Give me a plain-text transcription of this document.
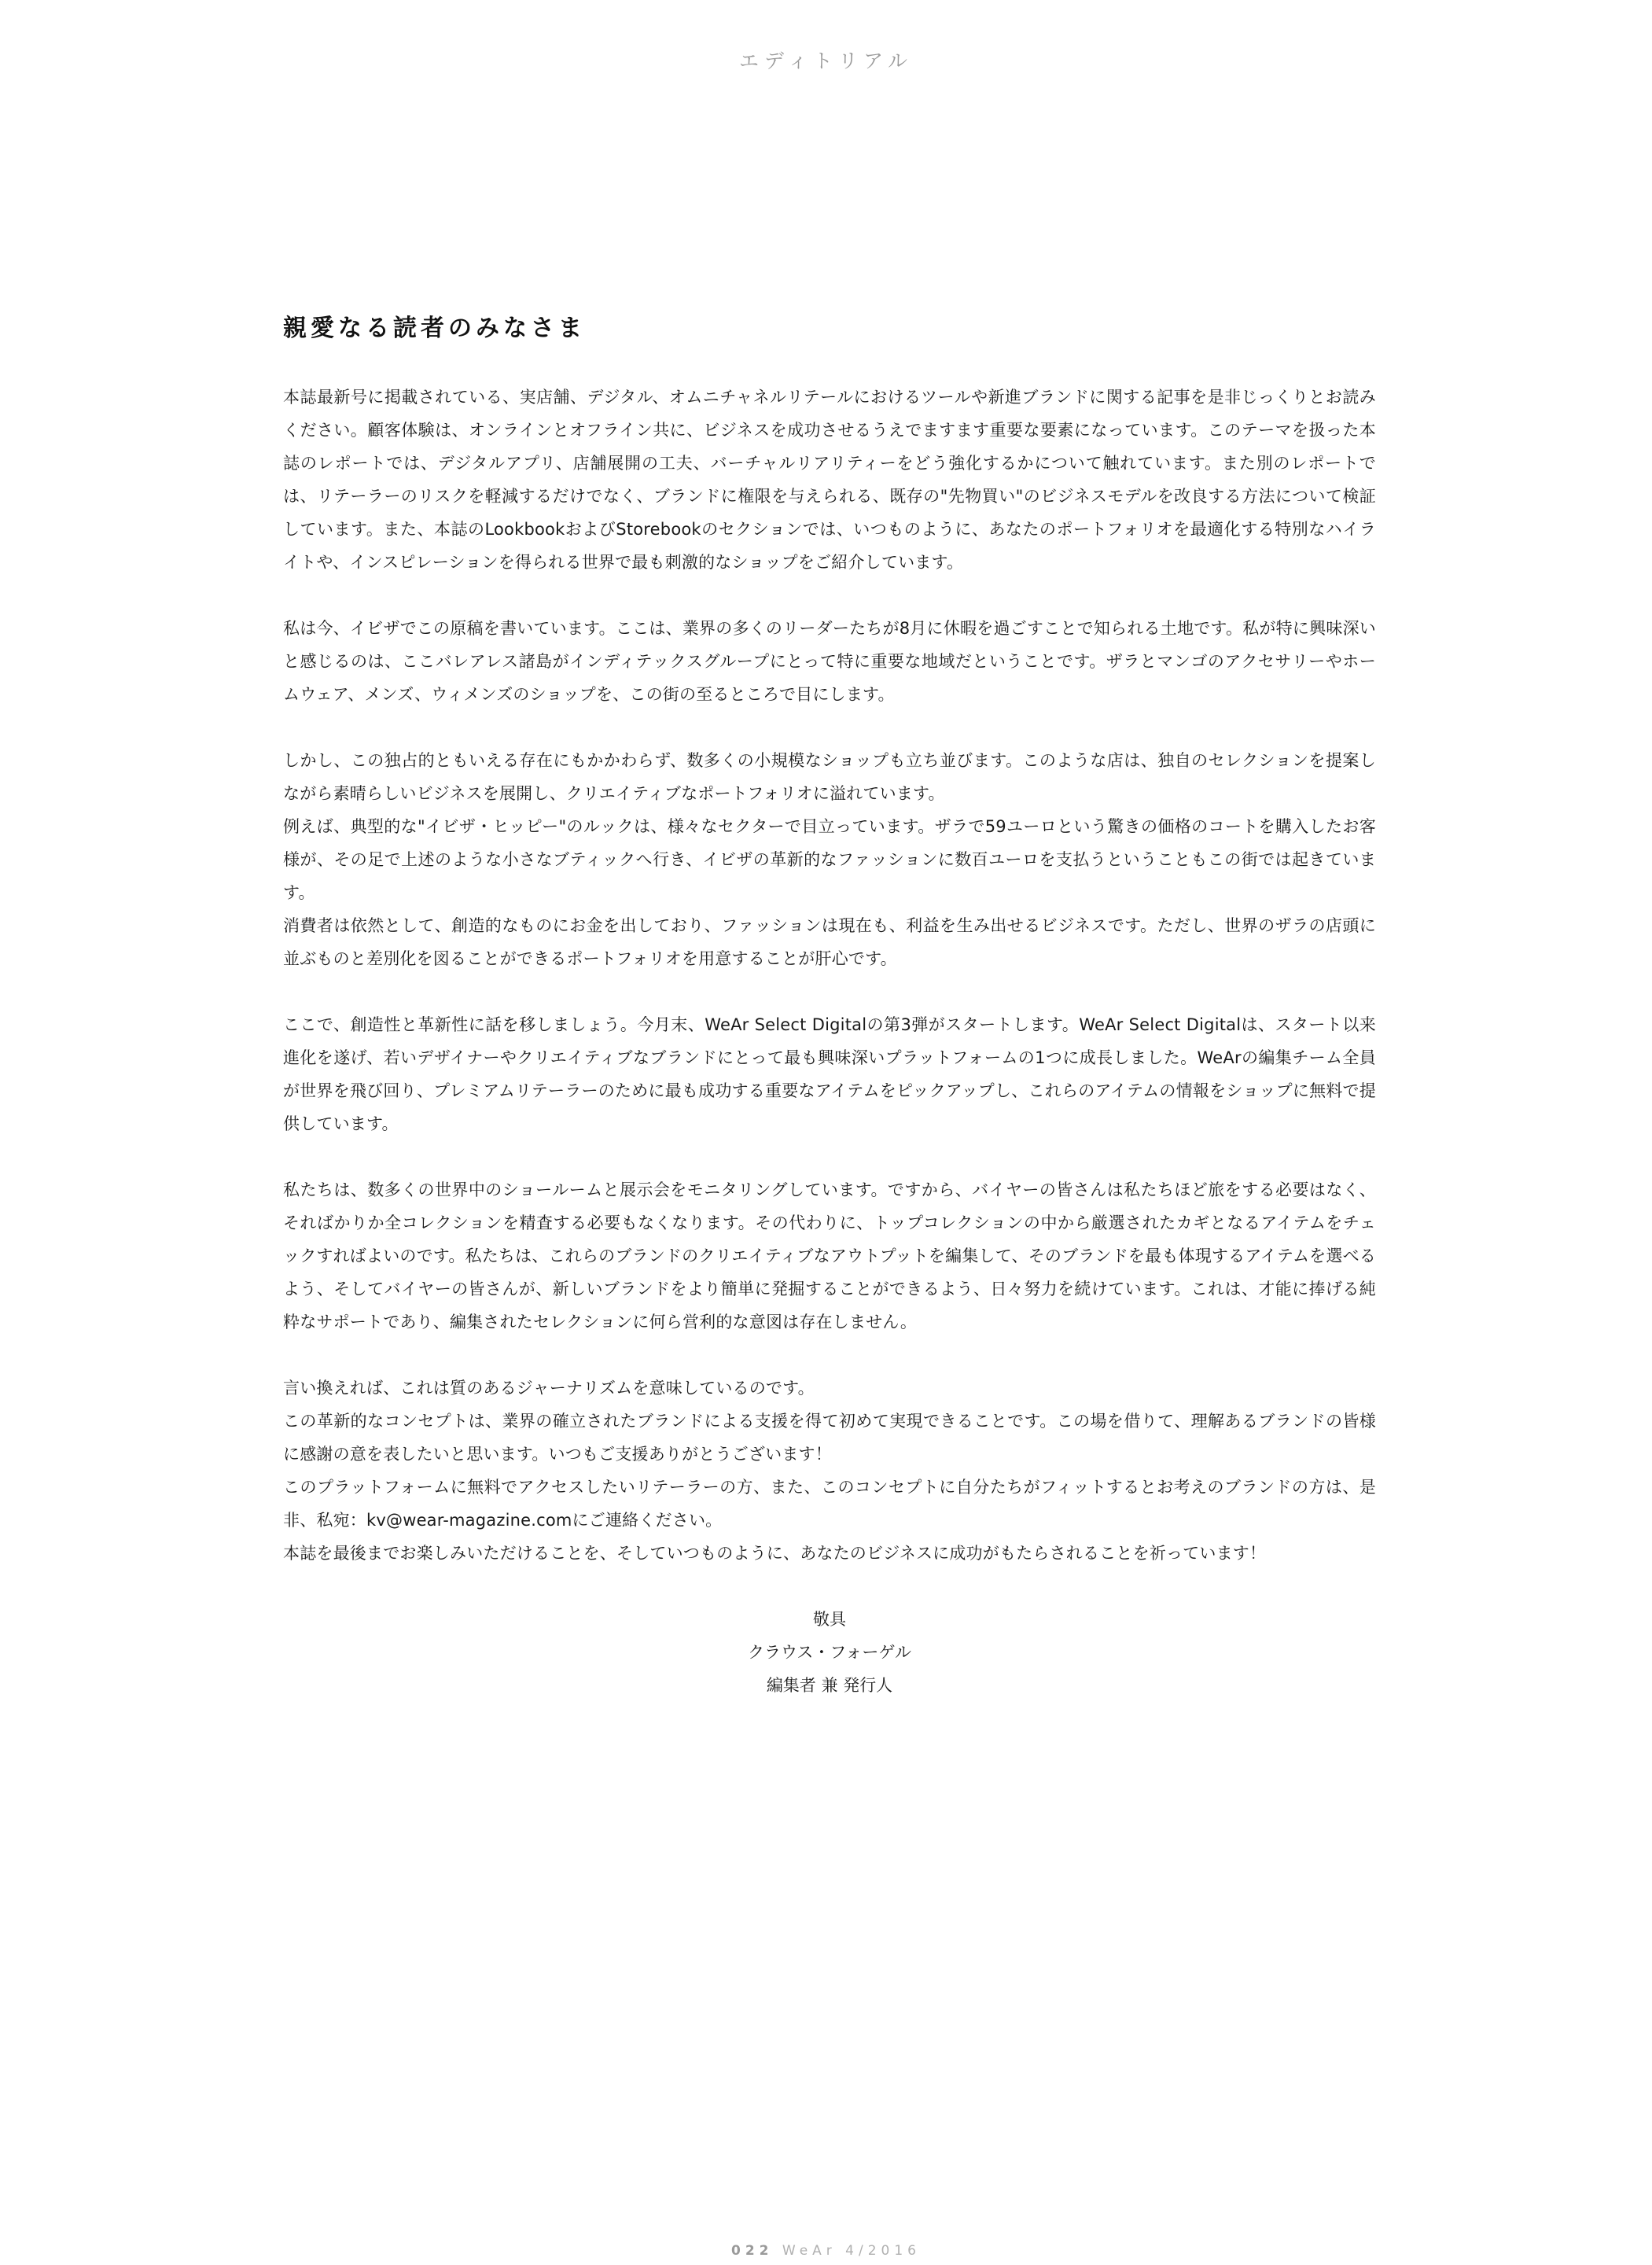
エディトリアル
親愛なる読者のみなさま

本誌最新号に掲載されている、実店舗、デジタル、オムニチャネルリテールにおけるツールや新進ブランドに関する記事を是非じっくりとお読みください。顧客体験は、オンラインとオフライン共に、ビジネスを成功させるうえでますます重要な要素になっています。このテーマを扱った本誌のレポートでは、デジタルアプリ、店舗展開の工夫、バーチャルリアリティーをどう強化するかについて触れています。また別のレポートでは、リテーラーのリスクを軽減するだけでなく、ブランドに権限を与えられる、既存の"先物買い"のビジネスモデルを改良する方法について検証しています。また、本誌のLookbookおよびStorebookのセクションでは、いつものように、あなたのポートフォリオを最適化する特別なハイライトや、インスピレーションを得られる世界で最も刺激的なショップをご紹介しています。

私は今、イビザでこの原稿を書いています。ここは、業界の多くのリーダーたちが8月に休暇を過ごすことで知られる土地です。私が特に興味深いと感じるのは、ここバレアレス諸島がインディテックスグループにとって特に重要な地域だということです。ザラとマンゴのアクセサリーやホームウェア、メンズ、ウィメンズのショップを、この街の至るところで目にします。

しかし、この独占的ともいえる存在にもかかわらず、数多くの小規模なショップも立ち並びます。このような店は、独自のセレクションを提案しながら素晴らしいビジネスを展開し、クリエイティブなポートフォリオに溢れています。
例えば、典型的な"イビザ・ヒッピー"のルックは、様々なセクターで目立っています。ザラで59ユーロという驚きの価格のコートを購入したお客様が、その足で上述のような小さなブティックへ行き、イビザの革新的なファッションに数百ユーロを支払うということもこの街では起きています。
消費者は依然として、創造的なものにお金を出しており、ファッションは現在も、利益を生み出せるビジネスです。ただし、世界のザラの店頭に並ぶものと差別化を図ることができるポートフォリオを用意することが肝心です。

ここで、創造性と革新性に話を移しましょう。今月末、WeAr Select Digitalの第3弾がスタートします。WeAr Select Digitalは、スタート以来進化を遂げ、若いデザイナーやクリエイティブなブランドにとって最も興味深いプラットフォームの1つに成長しました。WeArの編集チーム全員が世界を飛び回り、プレミアムリテーラーのために最も成功する重要なアイテムをピックアップし、これらのアイテムの情報をショップに無料で提供しています。

私たちは、数多くの世界中のショールームと展示会をモニタリングしています。ですから、バイヤーの皆さんは私たちほど旅をする必要はなく、そればかりか全コレクションを精査する必要もなくなります。その代わりに、トップコレクションの中から厳選されたカギとなるアイテムをチェックすればよいのです。私たちは、これらのブランドのクリエイティブなアウトプットを編集して、そのブランドを最も体現するアイテムを選べるよう、そしてバイヤーの皆さんが、新しいブランドをより簡単に発掘することができるよう、日々努力を続けています。これは、才能に捧げる純粋なサポートであり、編集されたセレクションに何ら営利的な意図は存在しません。

言い換えれば、これは質のあるジャーナリズムを意味しているのです。
この革新的なコンセプトは、業界の確立されたブランドによる支援を得て初めて実現できることです。この場を借りて、理解あるブランドの皆様に感謝の意を表したいと思います。いつもご支援ありがとうございます！
このプラットフォームに無料でアクセスしたいリテーラーの方、また、このコンセプトに自分たちがフィットするとお考えのブランドの方は、是非、私宛：kv@wear-magazine.comにご連絡ください。
本誌を最後までお楽しみいただけることを、そしていつものように、あなたのビジネスに成功がもたらされることを祈っています！

敬具
クラウス・フォーゲル
編集者 兼 発行人
022 WeAr 4/2016
